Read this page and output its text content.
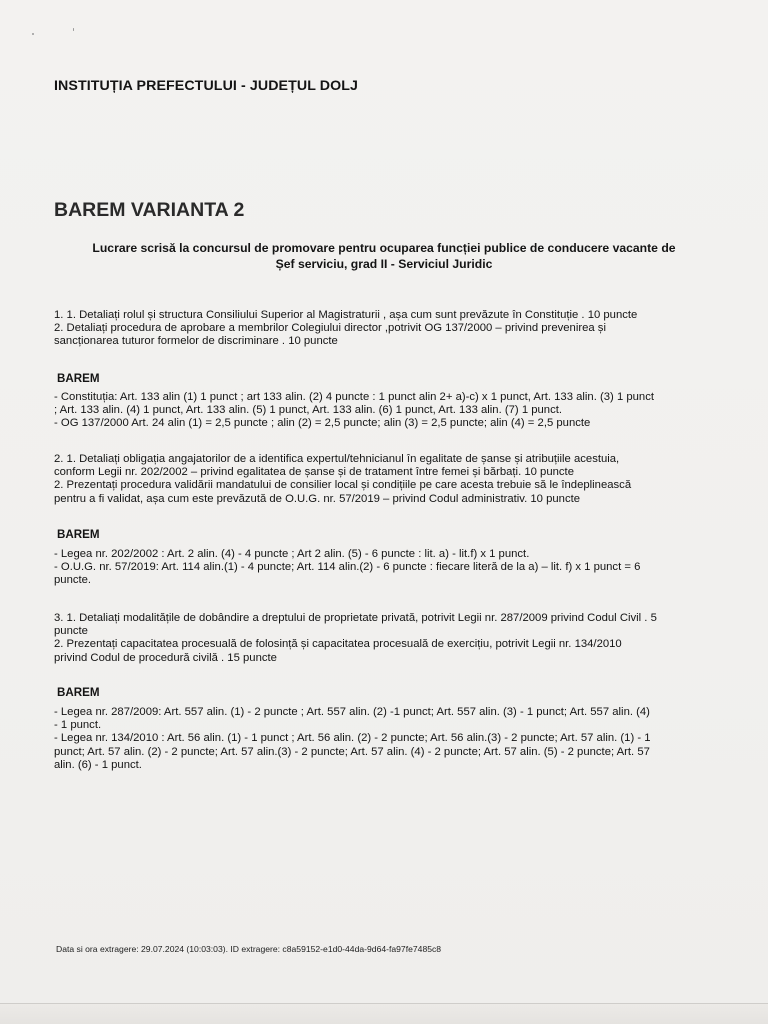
INSTITUȚIA PREFECTULUI - JUDEȚUL DOLJ
BAREM VARIANTA 2
Lucrare scrisă la concursul de promovare pentru ocuparea funcției publice de conducere vacante de
Șef serviciu, grad II - Serviciul Juridic

1. 1. Detaliați rolul și structura Consiliului Superior al Magistraturii , așa cum sunt prevăzute în Constituție . 10 puncte

2. Detaliați procedura de aprobare a membrilor Colegiului director ,potrivit OG 137/2000 – privind prevenirea și

sancționarea tuturor formelor de discriminare . 10 puncte

BAREM

- Constituția: Art. 133 alin (1) 1 punct ; art 133 alin. (2) 4 puncte : 1 punct alin 2+ a)-c) x 1 punct, Art. 133 alin. (3) 1 punct

; Art. 133 alin. (4) 1 punct, Art. 133 alin. (5) 1 punct, Art. 133 alin. (6) 1 punct, Art. 133 alin. (7) 1 punct.

- OG 137/2000 Art. 24 alin (1) = 2,5 puncte ; alin (2) = 2,5 puncte; alin (3) = 2,5 puncte; alin (4) = 2,5 puncte

2. 1. Detaliați obligația angajatorilor de a identifica expertul/tehnicianul în egalitate de șanse și atribuțiile acestuia,

conform Legii nr. 202/2002 – privind egalitatea de șanse și de tratament între femei și bărbați. 10 puncte

2. Prezentați procedura validării mandatului de consilier local și condițiile pe care acesta trebuie să le îndeplinească

pentru a fi validat, așa cum este prevăzută de O.U.G. nr. 57/2019 – privind Codul administrativ. 10 puncte

BAREM

- Legea nr. 202/2002 : Art. 2 alin. (4) - 4 puncte ; Art 2 alin. (5) - 6 puncte : lit. a) - lit.f) x 1 punct.

- O.U.G. nr. 57/2019: Art. 114 alin.(1) - 4 puncte; Art. 114 alin.(2) - 6 puncte : fiecare literă de la a) – lit. f) x 1 punct = 6

puncte.

3. 1. Detaliați modalitățile de dobândire a dreptului de proprietate privată, potrivit Legii nr. 287/2009 privind Codul Civil . 5

puncte

2. Prezentați capacitatea procesuală de folosință și capacitatea procesuală de exercițiu, potrivit Legii nr. 134/2010

privind Codul de procedură civilă . 15 puncte

BAREM

- Legea nr. 287/2009: Art. 557 alin. (1) - 2 puncte ; Art. 557 alin. (2) -1 punct; Art. 557 alin. (3) - 1 punct; Art. 557 alin. (4)

- 1 punct.

- Legea nr. 134/2010 : Art. 56 alin. (1) - 1 punct ; Art. 56 alin. (2) - 2 puncte; Art. 56 alin.(3) - 2 puncte; Art. 57 alin. (1) - 1

punct; Art. 57 alin. (2) - 2 puncte; Art. 57 alin.(3) - 2 puncte; Art. 57 alin. (4) - 2 puncte; Art. 57 alin. (5) - 2 puncte; Art. 57

alin. (6) - 1 punct.

Data si ora extragere: 29.07.2024 (10:03:03). ID extragere: c8a59152-e1d0-44da-9d64-fa97fe7485c8
